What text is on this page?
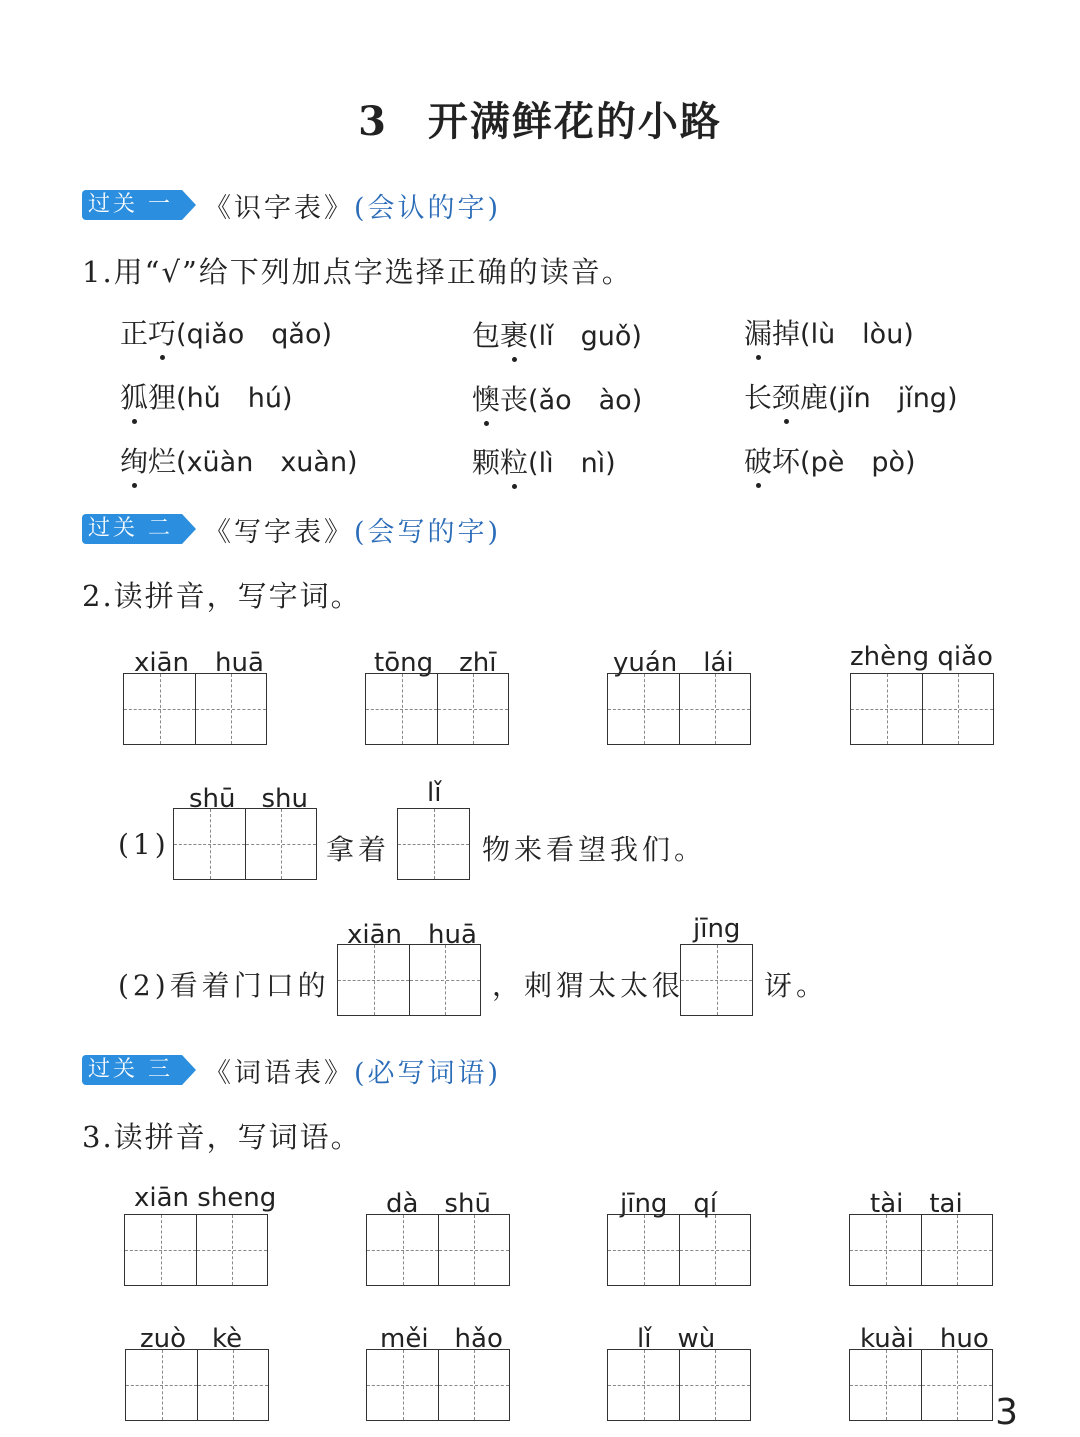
3 开满鲜花的小路
过关 一	《识字表》 (会认的字)
1.用“√”给下列加点字选择正确的读音。
正巧(qiǎo　qǎo)	包裹(lǐ　guǒ)	漏掉(lù　lòu)
狐狸(hǔ　hú)	懊丧(ǎo　ào)	长颈鹿(jǐn　jǐng)
绚烂(xüàn　xuàn)	颗粒(lì　nì)	破坏(pè　pò)
过关 二	《写字表》 (会写的字)
2.读拼音，写字词。
xiān　huā	tōng　zhī	yuán　lái	zhèng qiǎo
shū　shu	lǐ
(1)	拿着	物来看望我们。
xiān　huā	jīng
(2)看着门口的	，刺猬太太很	讶。
过关 三	《词语表》 (必写词语)
3.读拼音，写词语。
xiān sheng	dà　shū	jīng　qí	tài　tai
zuò　kè	měi　hǎo	lǐ　wù	kuài　huo
3
